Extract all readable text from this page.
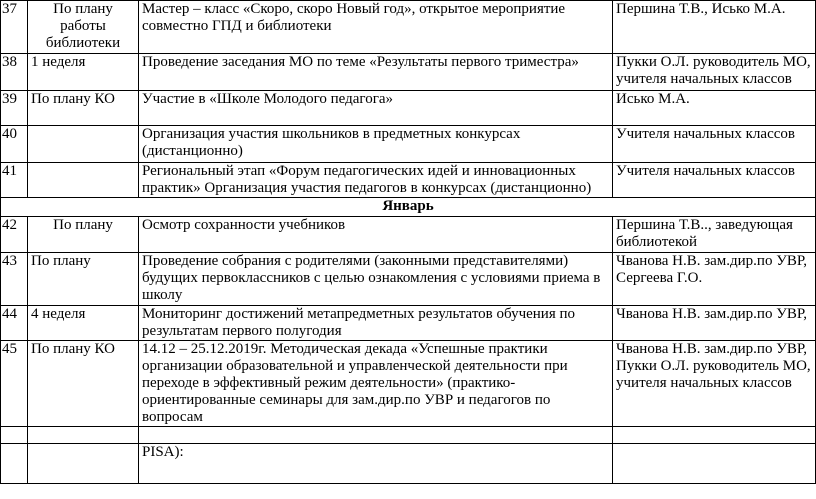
37	По плану работы библиотеки	Мастер – класс «Скоро, скоро Новый год», открытое мероприятие совместно ГПД и библиотеки	Першина Т.В., Исько М.А.
38	1 неделя	Проведение заседания МО по теме «Результаты первого триместра»	Пукки О.Л. руководитель МО, учителя начальных классов
39	По плану КО	Участие в «Школе Молодого педагога»	Исько М.А.
40		Организация участия школьников в предметных конкурсах (дистанционно)	Учителя начальных классов
41		Региональный этап «Форум педагогических идей и инновационных практик» Организация участия педагогов в конкурсах (дистанционно)	Учителя начальных классов
Январь			
42	По плану	Осмотр сохранности учебников	Першина Т.В.., заведующая библиотекой
43	По плану	Проведение собрания с родителями (законными представителями) будущих первоклассников с целью ознакомления с условиями приема в школу	Чванова Н.В. зам.дир.по УВР, Сергеева Г.О.
44	4 неделя	Мониторинг достижений метапредметных результатов обучения по результатам первого полугодия	Чванова Н.В. зам.дир.по УВР,
45	По плану КО	14.12 – 25.12.2019г. Методическая декада «Успешные практики организации образовательной и управленческой деятельности при переходе в эффективный режим деятельности» (практико-ориентированные семинары для зам.дир.по УВР и педагогов по вопросам	Чванова Н.В. зам.дир.по УВР, Пукки О.Л. руководитель МО, учителя начальных классов

		PISA):	
